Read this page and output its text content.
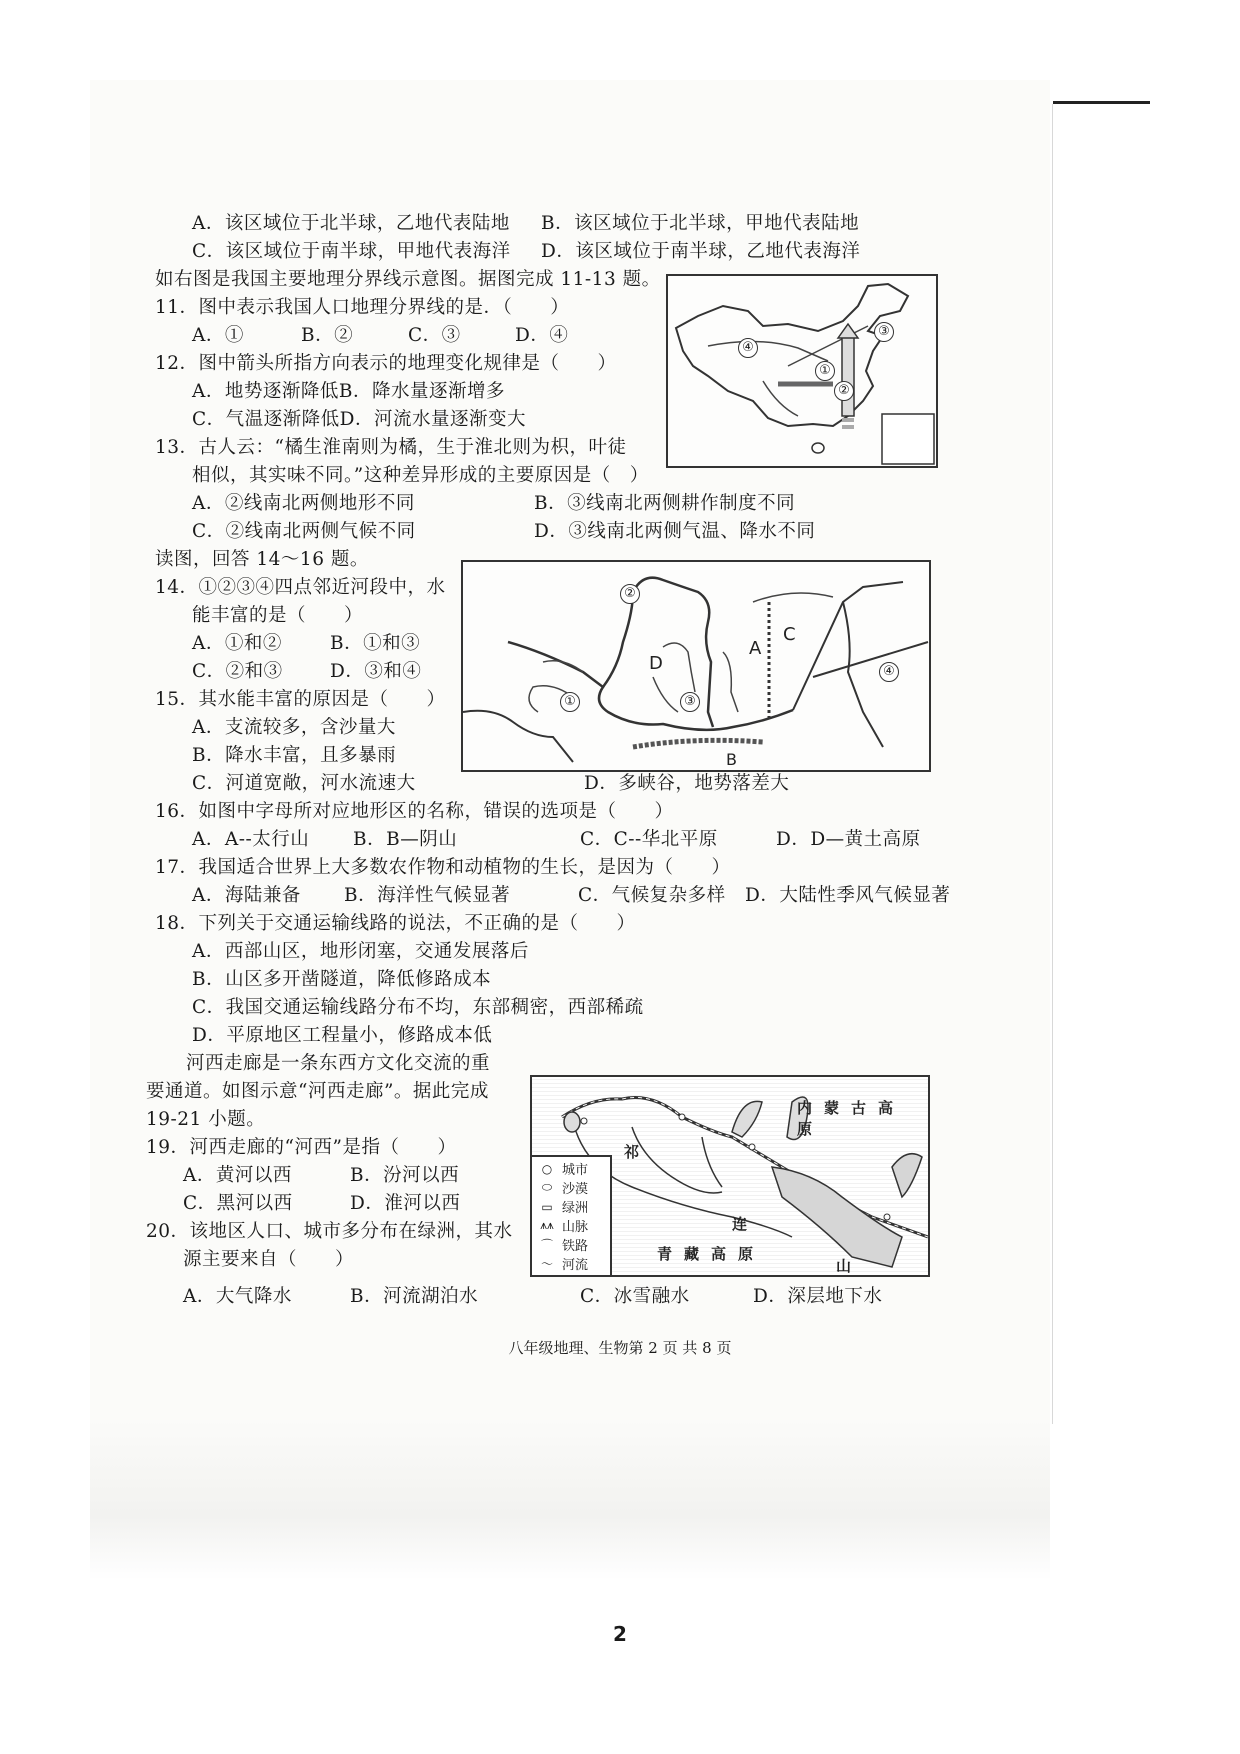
A．该区域位于北半球，乙地代表陆地 B．该区域位于北半球，甲地代表陆地
C．该区域位于南半球，甲地代表海洋 D．该区域位于南半球，乙地代表海洋
如右图是我国主要地理分界线示意图。据图完成 11-13 题。
11．图中表示我国人口地理分界线的是．（　　）
A．①	B．②	C．③	D．④
12．图中箭头所指方向表示的地理变化规律是（　　）
A．地势逐渐降低B．降水量逐渐增多
C．气温逐渐降低D．河流水量逐渐变大
13．古人云：“橘生淮南则为橘，生于淮北则为枳，叶徒
相似，其实味不同。”这种差异形成的主要原因是（　）
A．②线南北两侧地形不同	B．③线南北两侧耕作制度不同
C．②线南北两侧气候不同	D．③线南北两侧气温、降水不同
④
①
②
③
读图，回答 14～16 题。
14．①②③④四点邻近河段中，水
能丰富的是（　　）
A．①和②	B．①和③
C．②和③	D．③和④
15．其水能丰富的原因是（　　）
A．支流较多，含沙量大
B．降水丰富，且多暴雨
C．河道宽敞，河水流速大	D．多峡谷，地势落差大
②
①	③
④
A
B
C
D
16．如图中字母所对应地形区的名称，错误的选项是（　　）
A．A--太行山 B．B—阴山	C．C--华北平原	D．D—黄土高原
17．我国适合世界上大多数农作物和动植物的生长，是因为（　　）
A．海陆兼备 B．海洋性气候显著	C．气候复杂多样 D．大陆性季风气候显著
18．下列关于交通运输线路的说法，不正确的是（　　）
A．西部山区，地形闭塞，交通发展落后
B．山区多开凿隧道，降低修路成本
C．我国交通运输线路分布不均，东部稠密，西部稀疏
D．平原地区工程量小，修路成本低
河西走廊是一条东西方文化交流的重
要通道。如图示意“河西走廊”。据此完成
19-21 小题。
19．河西走廊的“河西”是指（　　）
A．黄河以西	B．汾河以西
C．黑河以西	D．淮河以西
20．该地区人口、城市多分布在绿洲，其水
源主要来自（　　）
A．大气降水	B．河流湖泊水	C．冰雪融水	D．深层地下水
内蒙古高原
青藏高原
祁
连
山
○ 城市
⬭ 沙漠
▭ 绿洲
⩚⩚ 山脉
⌒ 铁路
～ 河流
八年级地理、生物第 2 页 共 8 页
2
